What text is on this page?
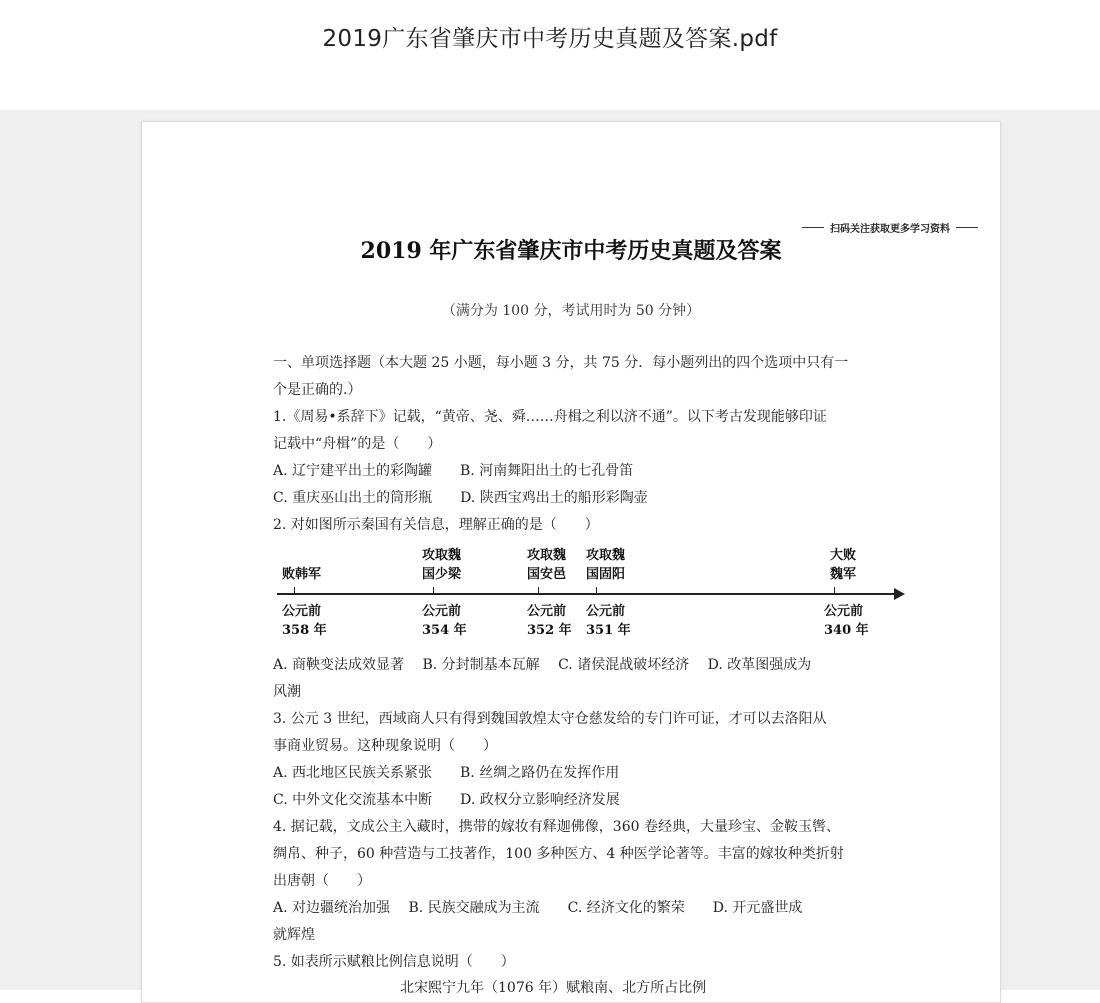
2019广东省肇庆市中考历史真题及答案.pdf
扫码关注获取更多学习资料
2019 年广东省肇庆市中考历史真题及答案
（满分为 100 分，考试用时为 50 分钟）
一、单项选择题（本大题 25 小题，每小题 3 分，共 75 分．每小题列出的四个选项中只有一
个是正确的.）
1.《周易•系辞下》记载，“黄帝、尧、舜……舟楫之利以济不通”。以下考古发现能够印证
记载中“舟楫”的是（　　）
A. 辽宁建平出土的彩陶罐　　B. 河南舞阳出土的七孔骨笛
C. 重庆巫山出土的筒形瓶　　D. 陕西宝鸡出土的船形彩陶壶
2. 对如图所示秦国有关信息，理解正确的是（　　）
败韩军
公元前
358 年
攻取魏
国少梁
公元前
354 年
攻取魏
国安邑
公元前
352 年
攻取魏
国固阳
公元前
351 年
大败
魏军
公元前
340 年
A. 商鞅变法成效显著　 B. 分封制基本瓦解　 C. 诸侯混战破坏经济　 D. 改革图强成为
风潮
3. 公元 3 世纪，西域商人只有得到魏国敦煌太守仓慈发给的专门许可证，才可以去洛阳从
事商业贸易。这种现象说明（　　）
A. 西北地区民族关系紧张　　B. 丝绸之路仍在发挥作用
C. 中外文化交流基本中断　　D. 政权分立影响经济发展
4. 据记载，文成公主入藏时，携带的嫁妆有释迦佛像，360 卷经典，大量珍宝、金鞍玉辔、
绸帛、种子，60 种营造与工技著作，100 多种医方、4 种医学论著等。丰富的嫁妆种类折射
出唐朝（　　）
A. 对边疆统治加强　 B. 民族交融成为主流　　C. 经济文化的繁荣　　D. 开元盛世成
就辉煌
5. 如表所示赋粮比例信息说明（　　）
北宋熙宁九年（1076 年）赋粮南、北方所占比例
